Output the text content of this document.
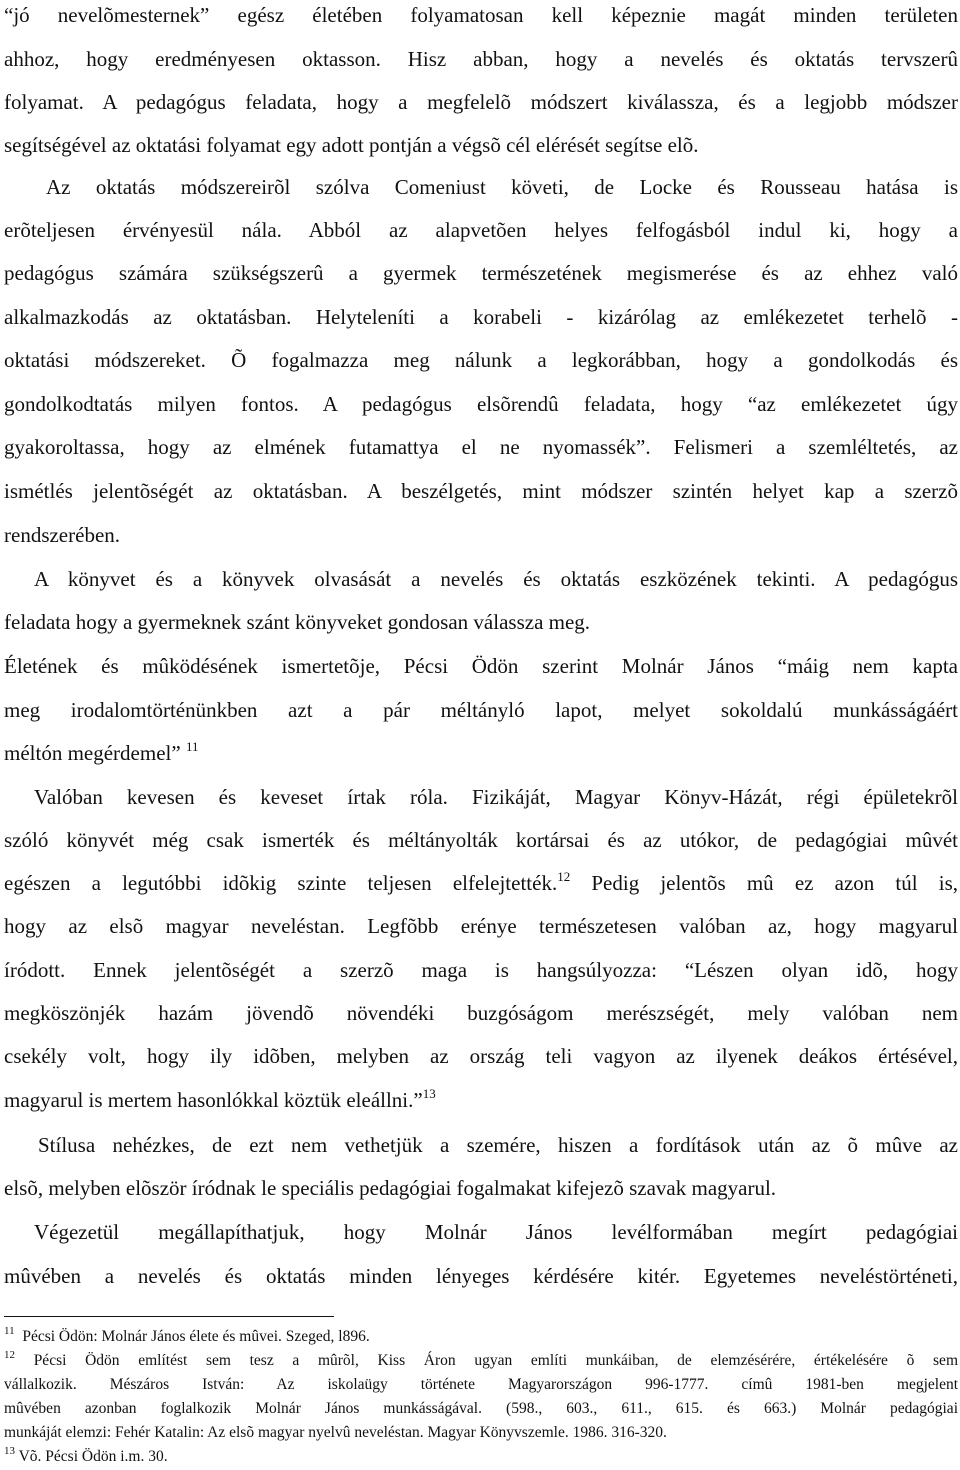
“jó nevelõmesternek” egész életében folyamatosan kell képeznie magát minden területen
ahhoz, hogy eredményesen oktasson. Hisz abban, hogy a nevelés és oktatás tervszerû
folyamat. A pedagógus feladata, hogy a megfelelõ módszert kiválassza, és a legjobb módszer
segítségével az oktatási folyamat egy adott pontján a végsõ cél elérését segítse elõ.
Az oktatás módszereirõl szólva Comeniust követi, de Locke és Rousseau hatása is
erõteljesen érvényesül nála. Abból az alapvetõen helyes felfogásból indul ki, hogy a
pedagógus számára szükségszerû a gyermek természetének megismerése és az ehhez való
alkalmazkodás az oktatásban. Helyteleníti a korabeli - kizárólag az emlékezetet terhelõ -
oktatási módszereket. Õ fogalmazza meg nálunk a legkorábban, hogy a gondolkodás és
gondolkodtatás milyen fontos. A pedagógus elsõrendû feladata, hogy “az emlékezetet úgy
gyakoroltassa, hogy az elmének futamattya el ne nyomassék”. Felismeri a szemléltetés, az
ismétlés jelentõségét az oktatásban. A beszélgetés, mint módszer szintén helyet kap a szerzõ
rendszerében.
A könyvet és a könyvek olvasását a nevelés és oktatás eszközének tekinti. A pedagógus
feladata hogy a gyermeknek szánt könyveket gondosan válassza meg.
Életének és mûködésének ismertetõje, Pécsi Ödön szerint Molnár János “máig nem kapta
meg irodalomtörténünkben azt a pár méltányló lapot, melyet sokoldalú munkásságáért
méltón megérdemel” $^{11}$
Valóban kevesen és keveset írtak róla. Fizikáját, Magyar Könyv-Házát, régi épületekrõl
szóló könyvét még csak ismerték és méltányolták kortársai és az utókor, de pedagógiai mûvét
egészen a legutóbbi idõkig szinte teljesen elfelejtették.$^{12}$ Pedig jelentõs mû ez azon túl is,
hogy az elsõ magyar neveléstan. Legfõbb erénye természetesen valóban az, hogy magyarul
íródott. Ennek jelentõségét a szerzõ maga is hangsúlyozza: “Lészen olyan idõ, hogy
megköszönjék hazám jövendõ növendéki buzgóságom merészségét, mely valóban nem
csekély volt, hogy ily idõben, melyben az ország teli vagyon az ilyenek deákos értésével,
magyarul is mertem hasonlókkal köztük eleállni.”$^{13}$
Stílusa nehézkes, de ezt nem vethetjük a szemére, hiszen a fordítások után az õ mûve az
elsõ, melyben elõször íródnak le speciális pedagógiai fogalmakat kifejezõ szavak magyarul.
Végezetül megállapíthatjuk, hogy Molnár János levélformában megírt pedagógiai
mûvében a nevelés és oktatás minden lényeges kérdésére kitér. Egyetemes neveléstörténeti,
$^{11}$ Pécsi Ödön: Molnár János élete és mûvei. Szeged, l896.
$^{12}$ Pécsi Ödön említést sem tesz a mûrõl, Kiss Áron ugyan említi munkáiban, de elemzésérére, értékelésére õ sem
vállalkozik. Mészáros István: Az iskolaügy története Magyarországon 996-1777. címû 1981-ben megjelent
mûvében azonban foglalkozik Molnár János munkásságával. (598., 603., 611., 615. és 663.) Molnár pedagógiai
munkáját elemzi: Fehér Katalin: Az elsõ magyar nyelvû neveléstan. Magyar Könyvszemle. 1986. 316-320.
$^{13}$ Võ. Pécsi Ödön i.m. 30.
